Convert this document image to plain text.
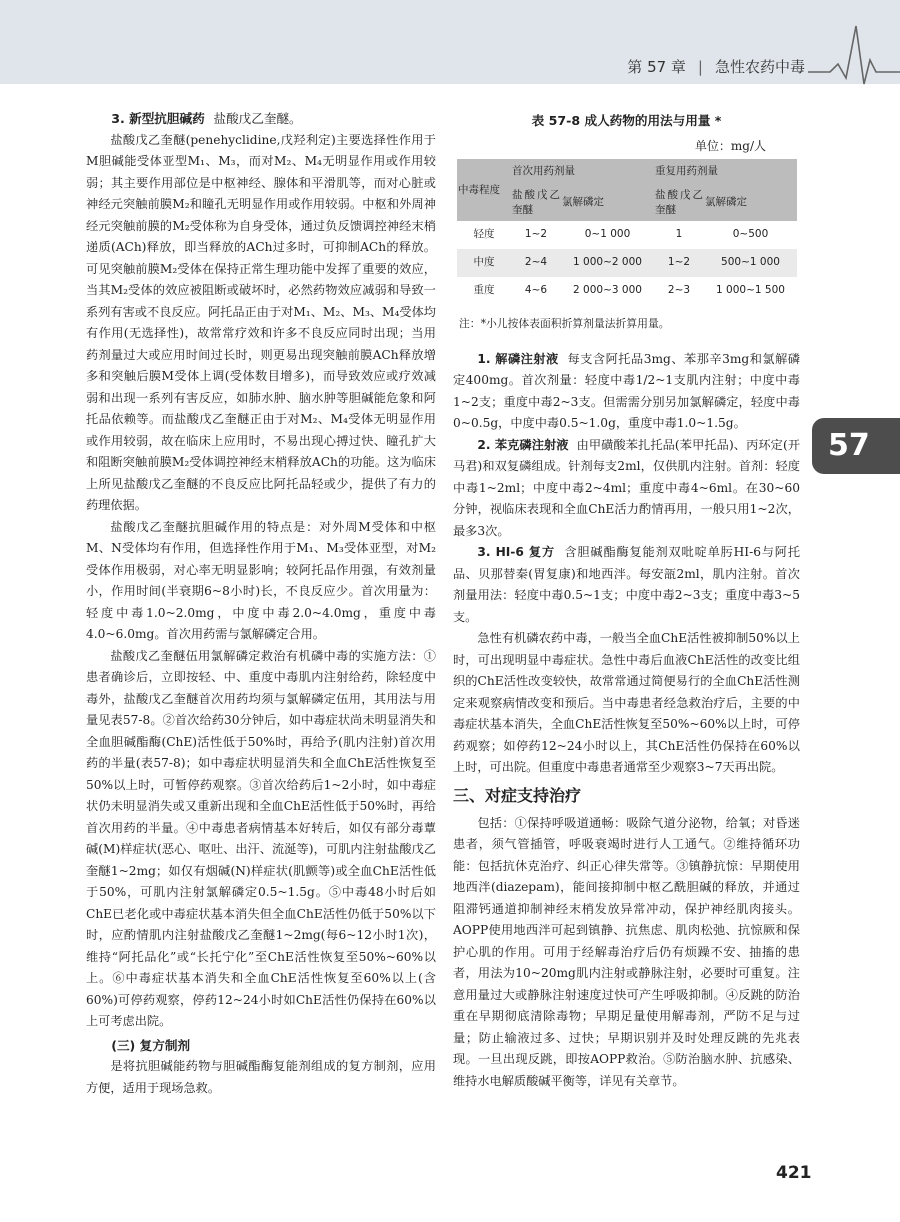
第 57 章 | 急性农药中毒
57
3. 新型抗胆碱药 盐酸戊乙奎醚。

盐酸戊乙奎醚(penehyclidine,戊羟利定)主要选择性作用于M胆碱能受体亚型M₁、M₃，而对M₂、M₄无明显作用或作用较弱；其主要作用部位是中枢神经、腺体和平滑肌等，而对心脏或神经元突触前膜M₂和瞳孔无明显作用或作用较弱。中枢和外周神经元突触前膜的M₂受体称为自身受体，通过负反馈调控神经末梢递质(ACh)释放，即当释放的ACh过多时，可抑制ACh的释放。可见突触前膜M₂受体在保持正常生理功能中发挥了重要的效应，当其M₂受体的效应被阻断或破坏时，必然药物效应减弱和导致一系列有害或不良反应。阿托品正由于对M₁、M₂、M₃、M₄受体均有作用(无选择性)，故常常疗效和许多不良反应同时出现；当用药剂量过大或应用时间过长时，则更易出现突触前膜ACh释放增多和突触后膜M受体上调(受体数目增多)，而导致效应或疗效减弱和出现一系列有害反应，如肺水肿、脑水肿等胆碱能危象和阿托品依赖等。而盐酸戊乙奎醚正由于对M₂、M₄受体无明显作用或作用较弱，故在临床上应用时，不易出现心搏过快、瞳孔扩大和阻断突触前膜M₂受体调控神经末梢释放ACh的功能。这为临床上所见盐酸戊乙奎醚的不良反应比阿托品轻或少，提供了有力的药理依据。

盐酸戊乙奎醚抗胆碱作用的特点是：对外周M受体和中枢M、N受体均有作用，但选择性作用于M₁、M₃受体亚型，对M₂受体作用极弱，对心率无明显影响；较阿托品作用强，有效剂量小，作用时间(半衰期6~8小时)长，不良反应少。首次用量为：轻度中毒1.0~2.0mg，中度中毒2.0~4.0mg，重度中毒4.0~6.0mg。首次用药需与氯解磷定合用。

盐酸戊乙奎醚伍用氯解磷定救治有机磷中毒的实施方法：①患者确诊后，立即按轻、中、重度中毒肌内注射给药，除轻度中毒外，盐酸戊乙奎醚首次用药均须与氯解磷定伍用，其用法与用量见表57-8。②首次给药30分钟后，如中毒症状尚未明显消失和全血胆碱酯酶(ChE)活性低于50%时，再给予(肌内注射)首次用药的半量(表57-8)；如中毒症状明显消失和全血ChE活性恢复至50%以上时，可暂停药观察。③首次给药后1~2小时，如中毒症状仍未明显消失或又重新出现和全血ChE活性低于50%时，再给首次用药的半量。④中毒患者病情基本好转后，如仅有部分毒蕈碱(M)样症状(恶心、呕吐、出汗、流涎等)，可肌内注射盐酸戊乙奎醚1~2mg；如仅有烟碱(N)样症状(肌颤等)或全血ChE活性低于50%，可肌内注射氯解磷定0.5~1.5g。⑤中毒48小时后如ChE已老化或中毒症状基本消失但全血ChE活性仍低于50%以下时，应酌情肌内注射盐酸戊乙奎醚1~2mg(每6~12小时1次)，维持“阿托品化”或“长托宁化”至ChE活性恢复至50%~60%以上。⑥中毒症状基本消失和全血ChE活性恢复至60%以上(含60%)可停药观察，停药12~24小时如ChE活性仍保持在60%以上可考虑出院。

(三) 复方制剂

是将抗胆碱能药物与胆碱酯酶复能剂组成的复方制剂，应用方便，适用于现场急救。

表 57-8 成人药物的用法与用量 *
单位：mg/人
中毒程度	首次用药剂量		重复用药剂量	
	盐酸戊乙奎醚	氯解磷定	盐酸戊乙奎醚	氯解磷定
轻度	1~2	0~1 000	1	0~500
中度	2~4	1 000~2 000	1~2	500~1 000
重度	4~6	2 000~3 000	2~3	1 000~1 500
注：*小儿按体表面积折算剂量法折算用量。

1. 解磷注射液 每支含阿托品3mg、苯那辛3mg和氯解磷定400mg。首次剂量：轻度中毒1/2~1支肌内注射；中度中毒1~2支；重度中毒2~3支。但需需分别另加氯解磷定，轻度中毒0~0.5g，中度中毒0.5~1.0g，重度中毒1.0~1.5g。

2. 苯克磷注射液 由甲磺酸苯扎托品(苯甲托品)、丙环定(开马君)和双复磷组成。针剂每支2ml，仅供肌内注射。首剂：轻度中毒1~2ml；中度中毒2~4ml；重度中毒4~6ml。在30~60分钟，视临床表现和全血ChE活力酌情再用，一般只用1~2次，最多3次。

3. HI-6 复方 含胆碱酯酶复能剂双吡啶单肟HI-6与阿托品、贝那替秦(胃复康)和地西泮。每安瓿2ml，肌内注射。首次剂量用法：轻度中毒0.5~1支；中度中毒2~3支；重度中毒3~5支。

急性有机磷农药中毒，一般当全血ChE活性被抑制50%以上时，可出现明显中毒症状。急性中毒后血液ChE活性的改变比组织的ChE活性改变较快，故常常通过简便易行的全血ChE活性测定来观察病情改变和预后。当中毒患者经急救治疗后，主要的中毒症状基本消失，全血ChE活性恢复至50%~60%以上时，可停药观察；如停药12~24小时以上，其ChE活性仍保持在60%以上时，可出院。但重度中毒患者通常至少观察3~7天再出院。

三、对症支持治疗

包括：①保持呼吸道通畅：吸除气道分泌物，给氧；对昏迷患者，须气管插管，呼吸衰竭时进行人工通气。②维持循环功能：包括抗休克治疗、纠正心律失常等。③镇静抗惊：早期使用地西泮(diazepam)，能间接抑制中枢乙酰胆碱的释放，并通过阻滞钙通道抑制神经末梢发放异常冲动，保护神经肌肉接头。AOPP使用地西泮可起到镇静、抗焦虑、肌肉松弛、抗惊厥和保护心肌的作用。可用于经解毒治疗后仍有烦躁不安、抽搐的患者，用法为10~20mg肌内注射或静脉注射，必要时可重复。注意用量过大或静脉注射速度过快可产生呼吸抑制。④反跳的防治重在早期彻底清除毒物；早期足量使用解毒剂，严防不足与过量；防止输液过多、过快；早期识别并及时处理反跳的先兆表现。一旦出现反跳，即按AOPP救治。⑤防治脑水肿、抗感染、维持水电解质酸碱平衡等，详见有关章节。

421
